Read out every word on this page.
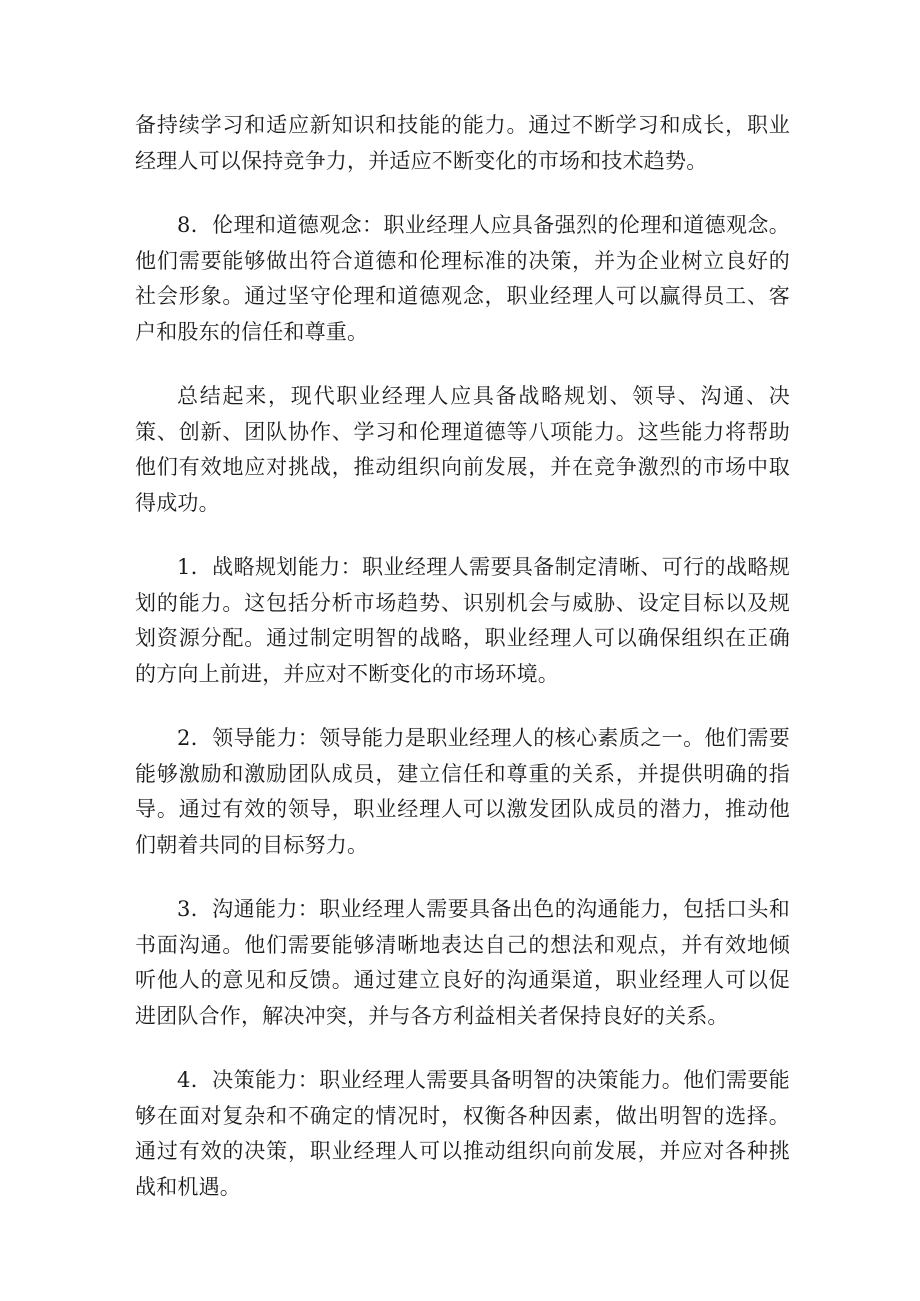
备持续学习和适应新知识和技能的能力。通过不断学习和成长，职业经理人可以保持竞争力，并适应不断变化的市场和技术趋势。

8．伦理和道德观念：职业经理人应具备强烈的伦理和道德观念。他们需要能够做出符合道德和伦理标准的决策，并为企业树立良好的社会形象。通过坚守伦理和道德观念，职业经理人可以赢得员工、客户和股东的信任和尊重。

总结起来，现代职业经理人应具备战略规划、领导、沟通、决策、创新、团队协作、学习和伦理道德等八项能力。这些能力将帮助他们有效地应对挑战，推动组织向前发展，并在竞争激烈的市场中取得成功。

1．战略规划能力：职业经理人需要具备制定清晰、可行的战略规划的能力。这包括分析市场趋势、识别机会与威胁、设定目标以及规划资源分配。通过制定明智的战略，职业经理人可以确保组织在正确的方向上前进，并应对不断变化的市场环境。

2．领导能力：领导能力是职业经理人的核心素质之一。他们需要能够激励和激励团队成员，建立信任和尊重的关系，并提供明确的指导。通过有效的领导，职业经理人可以激发团队成员的潜力，推动他们朝着共同的目标努力。

3．沟通能力：职业经理人需要具备出色的沟通能力，包括口头和书面沟通。他们需要能够清晰地表达自己的想法和观点，并有效地倾听他人的意见和反馈。通过建立良好的沟通渠道，职业经理人可以促进团队合作，解决冲突，并与各方利益相关者保持良好的关系。

4．决策能力：职业经理人需要具备明智的决策能力。他们需要能够在面对复杂和不确定的情况时，权衡各种因素，做出明智的选择。通过有效的决策，职业经理人可以推动组织向前发展，并应对各种挑战和机遇。
